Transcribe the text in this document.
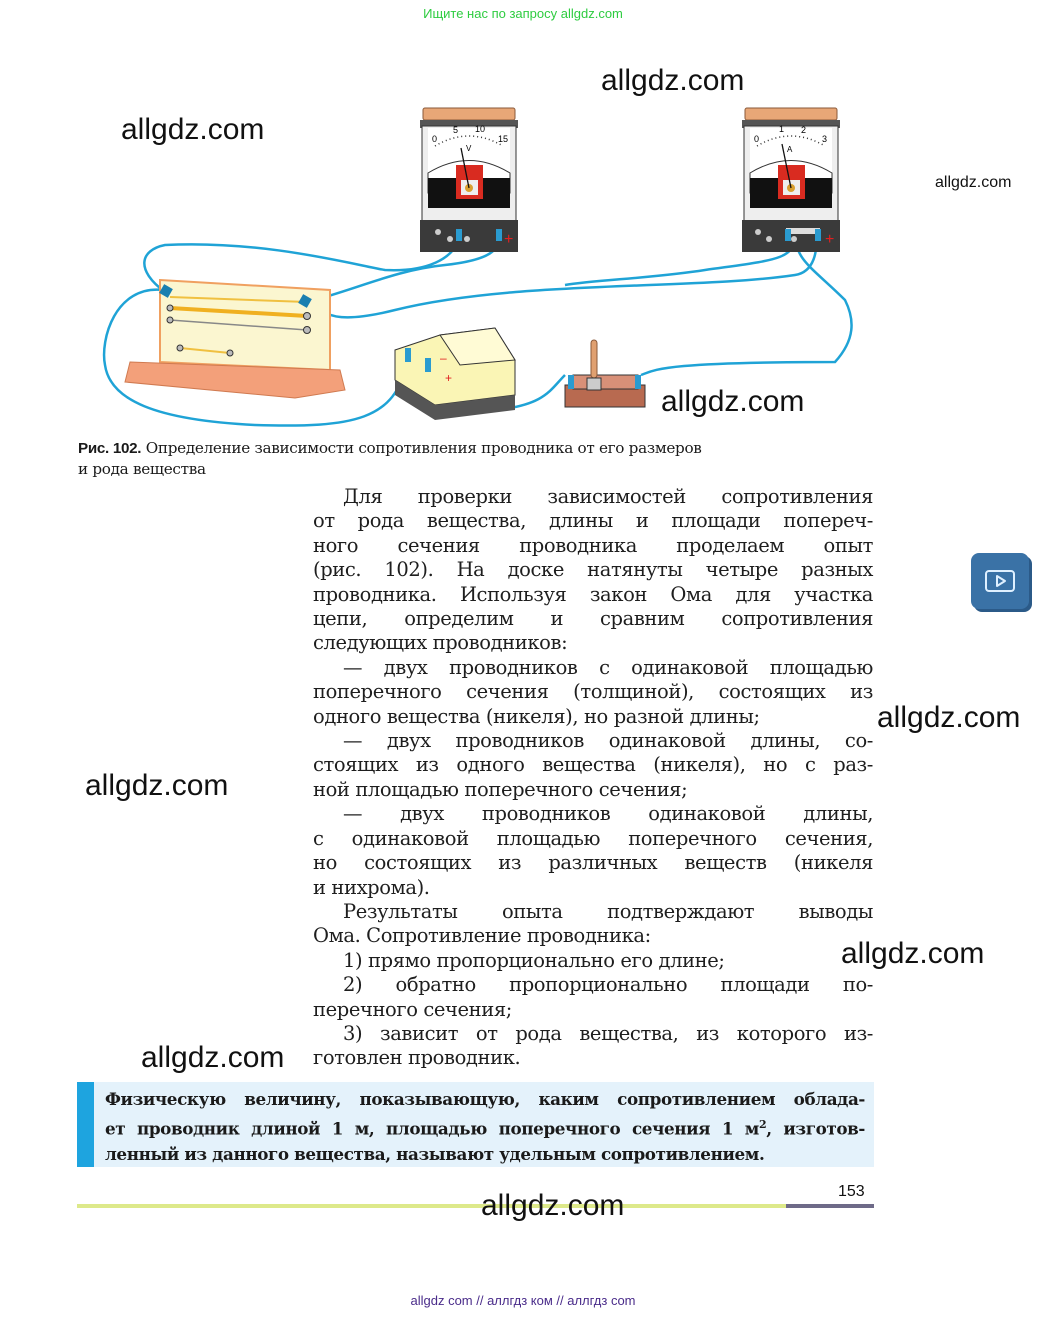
Ищите нас по запросу allgdz.com
0
5 10
15
V
+
0
1 2
3
A
+
–
+
allgdz.com
allgdz.com
allgdz.com
allgdz.com
allgdz.com
allgdz.com
allgdz.com
allgdz.com
Рис. 102. Определение зависимости сопротивления проводника от его размеров
и рода вещества
Для проверки зависимостей сопротивления
от рода вещества, длины и площади попереч-
ного сечения проводника проделаем опыт
(рис. 102). На доске натянуты четыре разных
проводника. Используя закон Ома для участка
цепи, определим и сравним сопротивления
следующих проводников:
— двух проводников с одинаковой площадью
поперечного сечения (толщиной), состоящих из
одного вещества (никеля), но разной длины;
— двух проводников одинаковой длины, со-
стоящих из одного вещества (никеля), но с раз-
ной площадью поперечного сечения;
— двух проводников одинаковой длины,
с одинаковой площадью поперечного сечения,
но состоящих из различных веществ (никеля
и нихрома).
Результаты опыта подтверждают выводы
Ома. Сопротивление проводника:
1) прямо пропорционально его длине;
2) обратно пропорционально площади по-
перечного сечения;
3) зависит от рода вещества, из которого из-
готовлен проводник.
Физическую величину, показывающую, каким сопротивлением облада-
ет проводник длиной 1 м, площадью поперечного сечения 1 $м^2$, изготов-
ленный из данного вещества, называют удельным сопротивлением.
153
allgdz.com
allgdz com // аллгдз ком // аллгдз com
